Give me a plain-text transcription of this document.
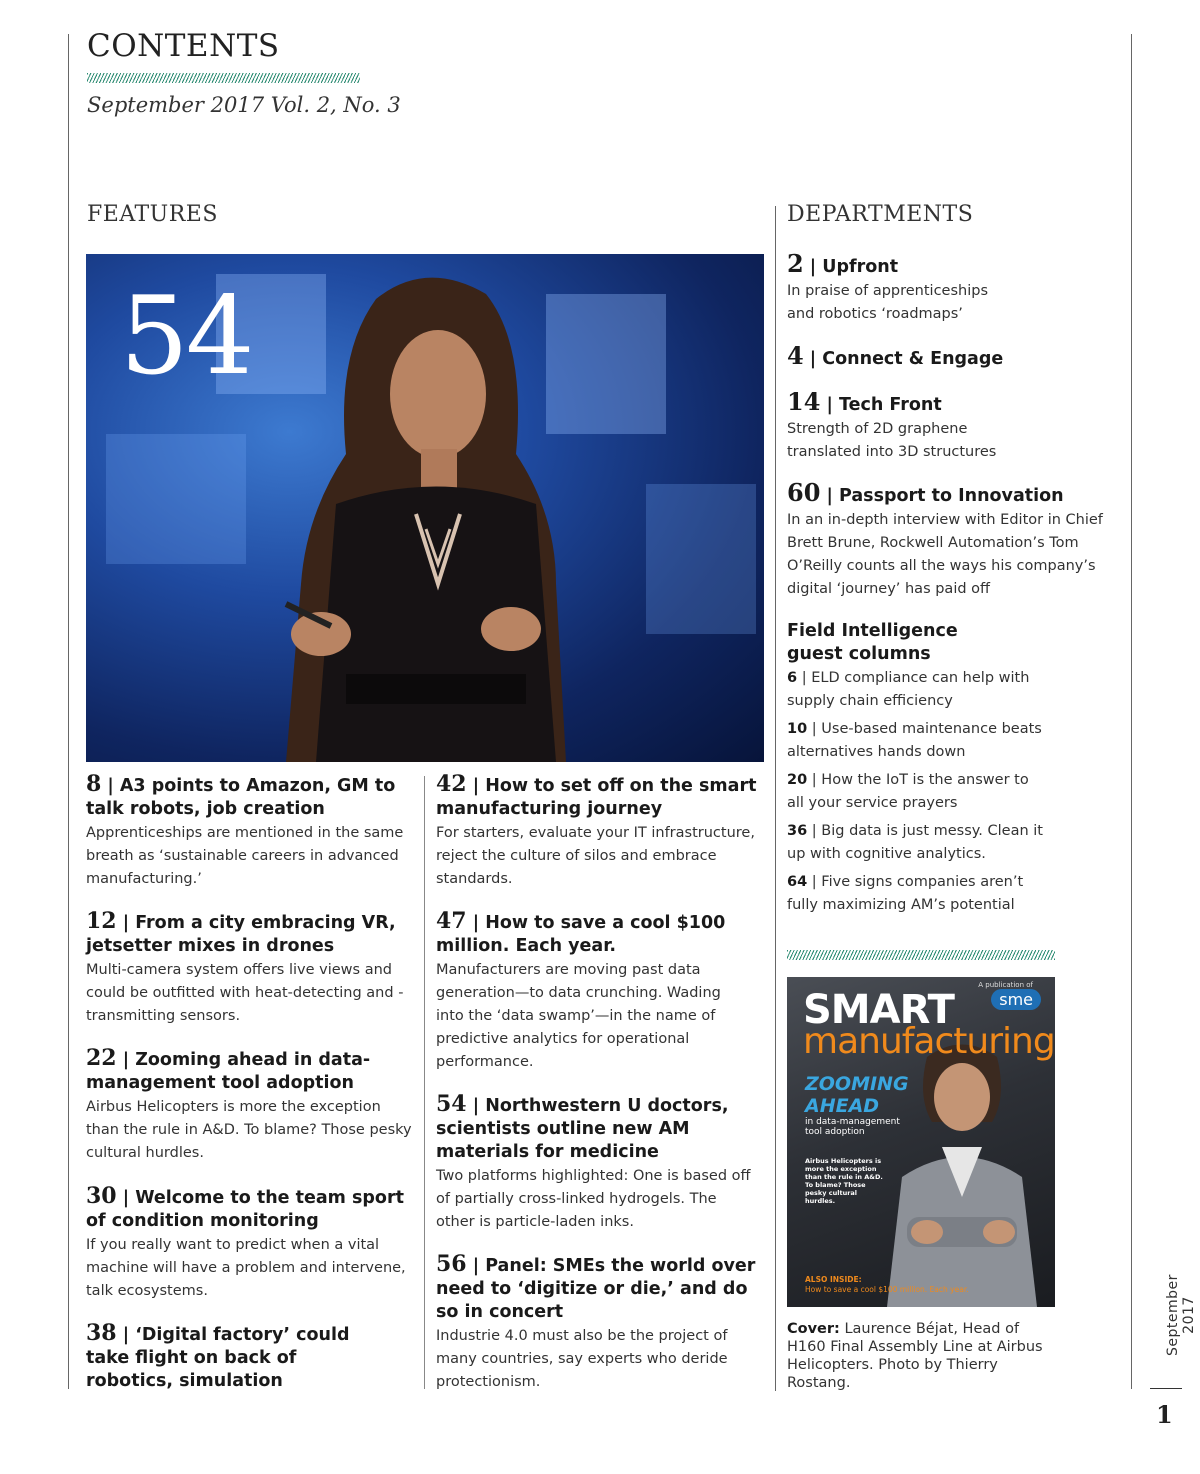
CONTENTS
September 2017 Vol. 2, No. 3
FEATURES	DEPARTMENTS
54
8 | A3 points to Amazon, GM to talk robots, job creation
Apprenticeships are mentioned in the same breath as ‘sustainable careers in advanced manufacturing.’
12 | From a city embracing VR, jetsetter mixes in drones
Multi-camera system offers live views and could be outfitted with heat-detecting and -transmitting sensors.
22 | Zooming ahead in data-management tool adoption
Airbus Helicopters is more the exception than the rule in A&D. To blame? Those pesky cultural hurdles.
30 | Welcome to the team sport of condition monitoring
If you really want to predict when a vital machine will have a problem and intervene, talk ecosystems.
38 | ‘Digital factory’ could take flight on back of robotics, simulation
42 | How to set off on the smart manufacturing journey
For starters, evaluate your IT infrastructure, reject the culture of silos and embrace standards.
47 | How to save a cool $100 million. Each year.
Manufacturers are moving past data generation—to data crunching. Wading into the ‘data swamp’—in the name of predictive analytics for operational performance.
54 | Northwestern U doctors, scientists outline new AM materials for medicine
Two platforms highlighted: One is based off of partially cross-linked hydrogels. The other is particle-laden inks.
56 | Panel: SMEs the world over need to ‘digitize or die,’ and do so in concert
Industrie 4.0 must also be the project of many countries, say experts who deride protectionism.
2 | Upfront
In praise of apprenticeships and robotics ‘roadmaps’
4 | Connect & Engage
14 | Tech Front
Strength of 2D graphene translated into 3D structures
60 | Passport to Innovation
In an in-depth interview with Editor in Chief Brett Brune, Rockwell Automation’s Tom O’Reilly counts all the ways his company’s digital ‘journey’ has paid off
Field Intelligence
guest columns
6 | ELD compliance can help with supply chain efficiency
10 | Use-based maintenance beats alternatives hands down
20 | How the IoT is the answer to all your service prayers
36 | Big data is just messy. Clean it up with cognitive analytics.
64 | Five signs companies aren’t fully maximizing AM’s potential
SMART
manufacturing
A publication of
sme
ZOOMING AHEAD
in data-management tool adoption
Airbus Helicopters is more the exception than the rule in A&D. To blame? Those pesky cultural hurdles.
ALSO INSIDE:
How to save a cool $100 million. Each year.
Cover: Laurence Béjat, Head of H160 Final Assembly Line at Airbus Helicopters. Photo by Thierry Rostang.
September 2017
1
